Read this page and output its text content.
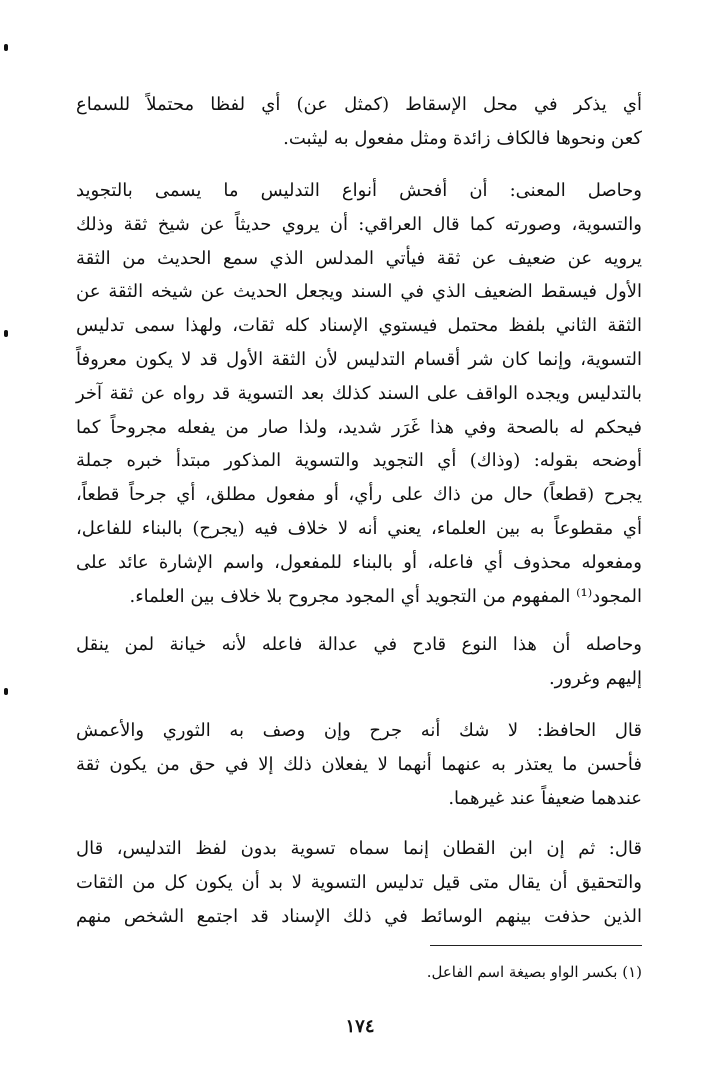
أي يذكر في محل الإسقاط (كمثل عن) أي لفظا محتملاً للسماع
كعن ونحوها فالكاف زائدة ومثل مفعول به ليثبت.
وحاصل المعنى: أن أفحش أنواع التدليس ما يسمى بالتجويد
والتسوية، وصورته كما قال العراقي: أن يروي حديثاً عن شيخ ثقة وذلك
يرويه عن ضعيف عن ثقة فيأتي المدلس الذي سمع الحديث من الثقة
الأول فيسقط الضعيف الذي في السند ويجعل الحديث عن شيخه الثقة عن
الثقة الثاني بلفظ محتمل فيستوي الإسناد كله ثقات، ولهذا سمى تدليس
التسوية، وإنما كان شر أقسام التدليس لأن الثقة الأول قد لا يكون معروفاً
بالتدليس ويجده الواقف على السند كذلك بعد التسوية قد رواه عن ثقة آخر
فيحكم له بالصحة وفي هذا غَرَر شديد، ولذا صار من يفعله مجروحاً كما
أوضحه بقوله: (وذاك) أي التجويد والتسوية المذكور مبتدأ خبره جملة
يجرح (قطعاً) حال من ذاك على رأي، أو مفعول مطلق، أي جرحاً قطعاً،
أي مقطوعاً به بين العلماء، يعني أنه لا خلاف فيه (يجرح) بالبناء للفاعل،
ومفعوله محذوف أي فاعله، أو بالبناء للمفعول، واسم الإشارة عائد على
المجود⁽¹⁾ المفهوم من التجويد أي المجود مجروح بلا خلاف بين العلماء.
وحاصله أن هذا النوع قادح في عدالة فاعله لأنه خيانة لمن ينقل
إليهم وغرور.
قال الحافظ: لا شك أنه جرح وإن وصف به الثوري والأعمش
فأحسن ما يعتذر به عنهما أنهما لا يفعلان ذلك إلا في حق من يكون ثقة
عندهما ضعيفاً عند غيرهما.
قال: ثم إن ابن القطان إنما سماه تسوية بدون لفظ التدليس، قال
والتحقيق أن يقال متى قيل تدليس التسوية لا بد أن يكون كل من الثقات
الذين حذفت بينهم الوسائط في ذلك الإسناد قد اجتمع الشخص منهم
(١) بكسر الواو بصيغة اسم الفاعل.
١٧٤
